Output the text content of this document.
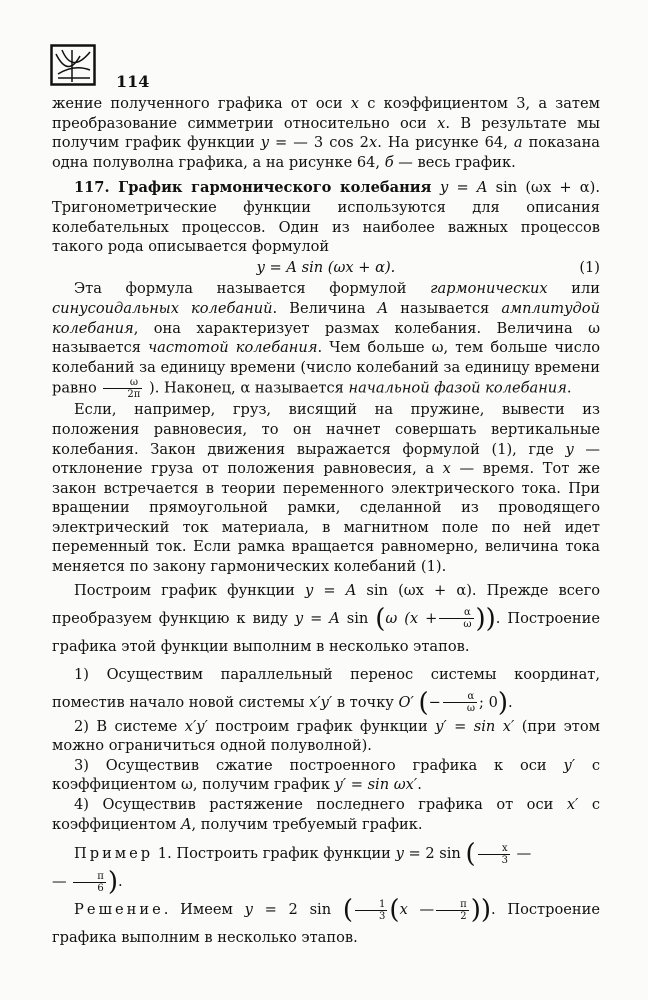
114

жение полученного графика от оси x с коэффициентом 3, а затем преобразование симметрии относительно оси x. В результате мы получим график функции y = — 3 cos 2x. На рисунке 64, а показана одна полуволна графика, а на рисунке 64, б — весь график.

117. График гармонического колебания y = A sin (ωx + α). Тригонометрические функции используются для описания колебательных процессов. Один из наиболее важных процессов такого рода описывается формулой

y = A sin (ωx + α).	(1)

Эта формула называется формулой гармонических или синусоидальных колебаний. Величина A называется амплитудой колебания, она характеризует размах колебания. Величина ω называется частотой колебания. Чем больше ω, тем больше число колебаний за единицу времени (число колебаний за единицу времени равно $\frac{\omega}{2\pi}$ ). Наконец, α называется начальной фазой колебания.

Если, например, груз, висящий на пружине, вывести из положения равновесия, то он начнет совершать вертикальные колебания. Закон движения выражается формулой (1), где y — отклонение груза от положения равновесия, а x — время. Тот же закон встречается в теории переменного электрического тока. При вращении прямоугольной рамки, сделанной из проводящего электрический ток материала, в магнитном поле по ней идет переменный ток. Если рамка вращается равномерно, величина тока меняется по закону гармонических колебаний (1).

Построим график функции y = A sin (ωx + α). Прежде всего преобразуем функцию к виду y = A sin (ω ($x + \frac{\alpha}{\omega}$ )). Построение графика этой функции выполним в несколько этапов.

1) Осуществим параллельный перенос системы координат, поместив начало новой системы x′y′ в точку O′ (− $\frac{\alpha}{\omega}$ ; 0).

2) В системе x′y′ построим график функции y′ = sin x′ (при этом можно ограничиться одной полуволной).

3) Осуществив сжатие построенного графика к оси y′ с коэффициентом ω, получим график y′ = sin ωx′.

4) Осуществив растяжение последнего графика от оси x′ с коэффициентом A, получим требуемый график.

Пример 1. Построить график функции y = 2 sin ( $\frac{x}{3}$ —
— $\frac{\pi}{6}$ ).

Решение. Имеем y = 2 sin ( $\frac{1}{3} (x$ — $\frac{\pi}{2}$ )). Построение графика выполним в несколько этапов.
